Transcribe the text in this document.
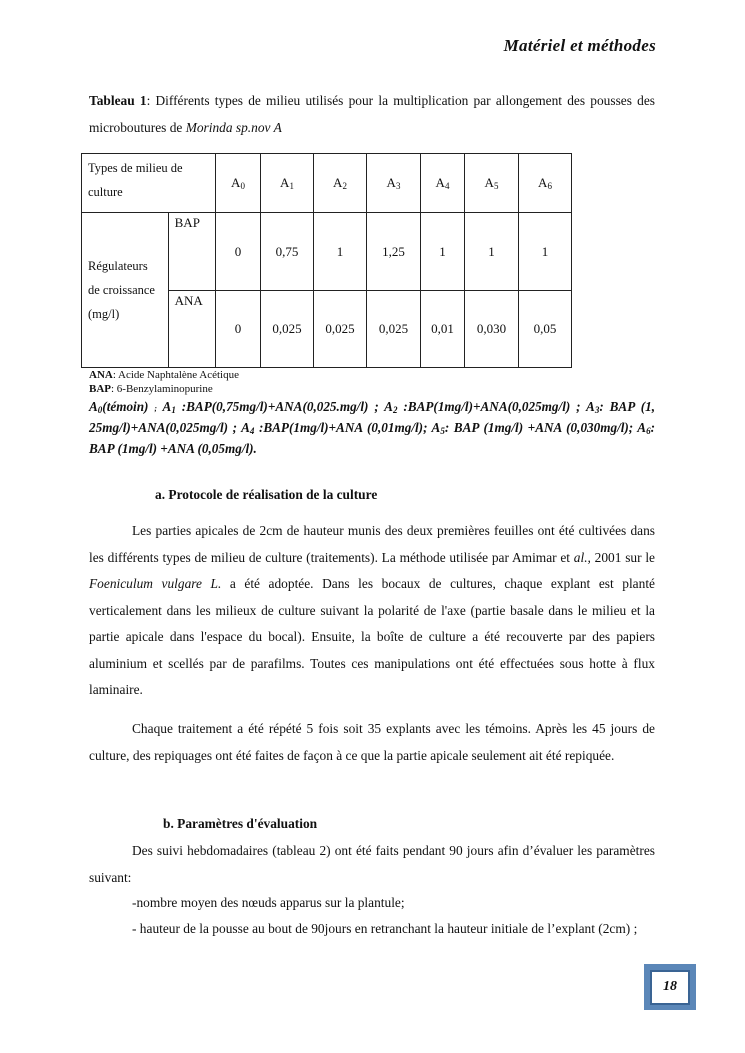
Matériel et méthodes
Tableau 1: Différents types de milieu utilisés pour la multiplication par allongement des pousses des microboutures de Morinda sp.nov A
Types de milieu de culture		$A_0$	$A_1$	$A_2$	$A_3$	$A_4$	$A_5$	$A_6$
Régulateurs de croissance (mg/l)	BAP	0	0,75	1	1,25	1	1	1
	ANA	0	0,025	0,025	0,025	0,01	0,030	0,05
ANA: Acide Naphtalène Acétique
BAP: 6-Benzylaminopurine
$A_0(témoin)$ ; $A_1$ :BAP(0,75mg/l)+ANA(0,025.mg/l) ; $A_2$ :BAP(1mg/l)+ANA(0,025mg/l) ; $A_3$: BAP (1, 25mg/l)+ANA(0,025mg/l) ; $A_4$ :BAP(1mg/l)+ANA (0,01mg/l); $A_5$: BAP (1mg/l) +ANA (0,030mg/l); $A_6$: BAP (1mg/l) +ANA (0,05mg/l).
a. Protocole de réalisation de la culture
Les parties apicales de 2cm de hauteur munis des deux premières feuilles ont été cultivées dans les différents types de milieu de culture (traitements). La méthode utilisée par Amimar et al., 2001 sur le Foeniculum vulgare L. a été adoptée. Dans les bocaux de cultures, chaque explant est planté verticalement dans les milieux de culture suivant la polarité de l'axe (partie basale dans le milieu et la partie apicale dans l'espace du bocal). Ensuite, la boîte de culture a été recouverte par des papiers aluminium et scellés par de parafilms. Toutes ces manipulations ont été effectuées sous hotte à flux laminaire.
Chaque traitement a été répété 5 fois soit 35 explants avec les témoins. Après les 45 jours de culture, des repiquages ont été faites de façon à ce que la partie apicale seulement ait été repiquée.
b. Paramètres d'évaluation
Des suivi hebdomadaires (tableau 2) ont été faits pendant 90 jours afin d’évaluer les paramètres suivant:
-nombre moyen des nœuds apparus sur la plantule;
- hauteur de la pousse au bout de 90jours en retranchant la hauteur initiale de l’explant (2cm) ;
18
